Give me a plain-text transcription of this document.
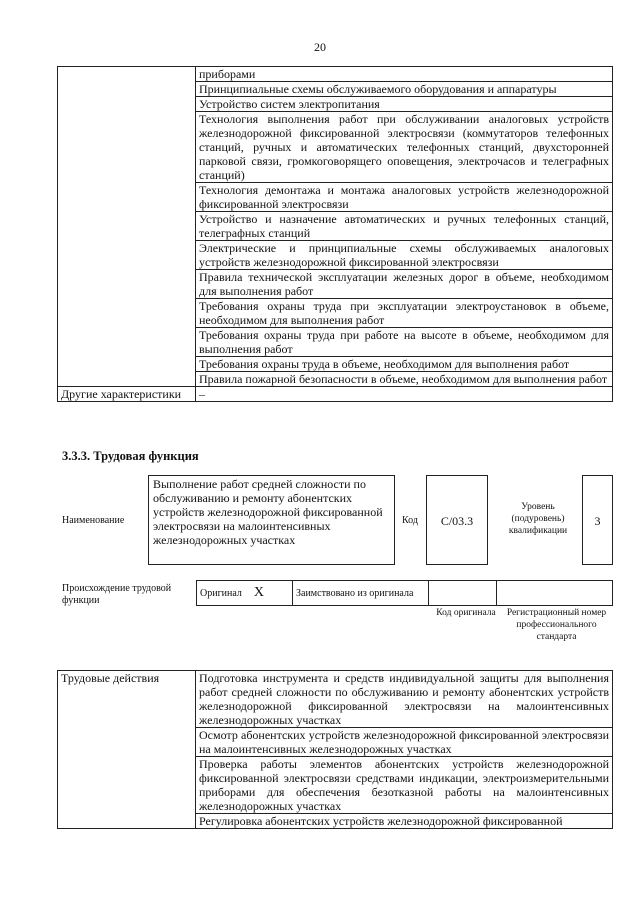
20
	приборами
	Принципиальные схемы обслуживаемого оборудования и аппаратуры
	Устройство систем электропитания
	Технология выполнения работ при обслуживании аналоговых устройств железнодорожной фиксированной электросвязи (коммутаторов телефонных станций, ручных и автоматических телефонных станций, двухсторонней парковой связи, громкоговорящего оповещения, электрочасов и телеграфных станций)
	Технология демонтажа и монтажа аналоговых устройств железнодорожной фиксированной электросвязи
	Устройство и назначение автоматических и ручных телефонных станций, телеграфных станций
	Электрические и принципиальные схемы обслуживаемых аналоговых устройств железнодорожной фиксированной электросвязи
	Правила технической эксплуатации железных дорог в объеме, необходимом для выполнения работ
	Требования охраны труда при эксплуатации электроустановок в объеме, необходимом для выполнения работ
	Требования охраны труда при работе на высоте в объеме, необходимом для выполнения работ
	Требования охраны труда в объеме, необходимом для выполнения работ
	Правила пожарной безопасности в объеме, необходимом для выполнения работ
Другие характеристики	–
3.3.3. Трудовая функция
Наименование
Выполнение работ средней сложности по обслуживанию и ремонту абонентских устройств железнодорожной фиксированной электросвязи на малоинтенсивных железнодорожных участках
Код	C/03.3
Уровень (подуровень) квалификации
3
Происхождение трудовой функции
Оригинал X	Заимствовано из оригинала		
Код оригинала	Регистрационный номер профессионального стандарта
Трудовые действия	Подготовка инструмента и средств индивидуальной защиты для выполнения работ средней сложности по обслуживанию и ремонту абонентских устройств железнодорожной фиксированной электросвязи на малоинтенсивных железнодорожных участках
Осмотр абонентских устройств железнодорожной фиксированной электросвязи на малоинтенсивных железнодорожных участках
Проверка работы элементов абонентских устройств железнодорожной фиксированной электросвязи средствами индикации, электроизмерительными приборами для обеспечения безотказной работы на малоинтенсивных железнодорожных участках
Регулировка абонентских устройств железнодорожной фиксированной
